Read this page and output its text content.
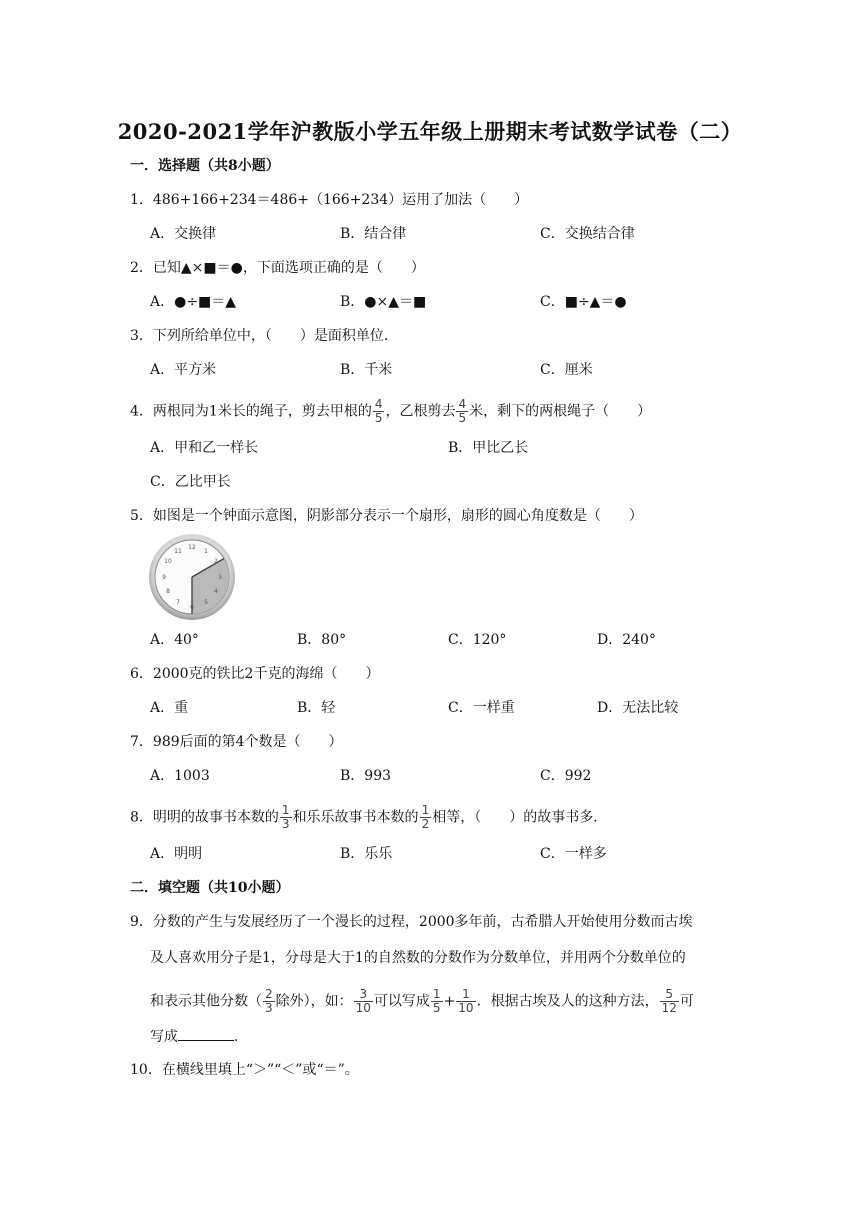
2020-2021学年沪教版小学五年级上册期末考试数学试卷（二）
一．选择题（共8小题）
1．486+166+234＝486+（166+234）运用了加法（　　）
A．交换律	B．结合律	C．交换结合律
2．已知▲×■＝●，下面选项正确的是（　　）
A．●÷■＝▲	B．●×▲＝■	C．■÷▲＝●
3．下列所给单位中，（　　）是面积单位．
A．平方米	B．千米	C．厘米
4．两根同为1米长的绳子，剪去甲根的 $\frac{4}{5}$ ，乙根剪去 $\frac{4}{5}$ 米，剩下的两根绳子（　　）
A．甲和乙一样长	B．甲比乙长
C．乙比甲长
5．如图是一个钟面示意图，阴影部分表示一个扇形，扇形的圆心角度数是（　　）
12
1
2
3
4
5
6
7
8
9
10
11
A．40°	B．80°	C．120°	D．240°
6．2000克的铁比2千克的海绵（　　）
A．重	B．轻	C．一样重	D．无法比较
7．989后面的第4个数是（　　）
A．1003	B．993	C．992
8．明明的故事书本数的 $\frac{1}{3}$ 和乐乐故事书本数的 $\frac{1}{2}$ 相等，（　　）的故事书多．
A．明明	B．乐乐	C．一样多
二．填空题（共10小题）
9．分数的产生与发展经历了一个漫长的过程，2000多年前，古希腊人开始使用分数而古埃
及人喜欢用分子是1，分母是大于1的自然数的分数作为分数单位，并用两个分数单位的
和表示其他分数（ $\frac{2}{3}$ 除外），如： $\frac{3}{10}$ 可以写成 $\frac{1}{5} + \frac{1}{10}$ ．根据古埃及人的这种方法， $\frac{5}{12}$ 可
写成	．
10．在横线里填上“＞”“＜”或“＝”。
